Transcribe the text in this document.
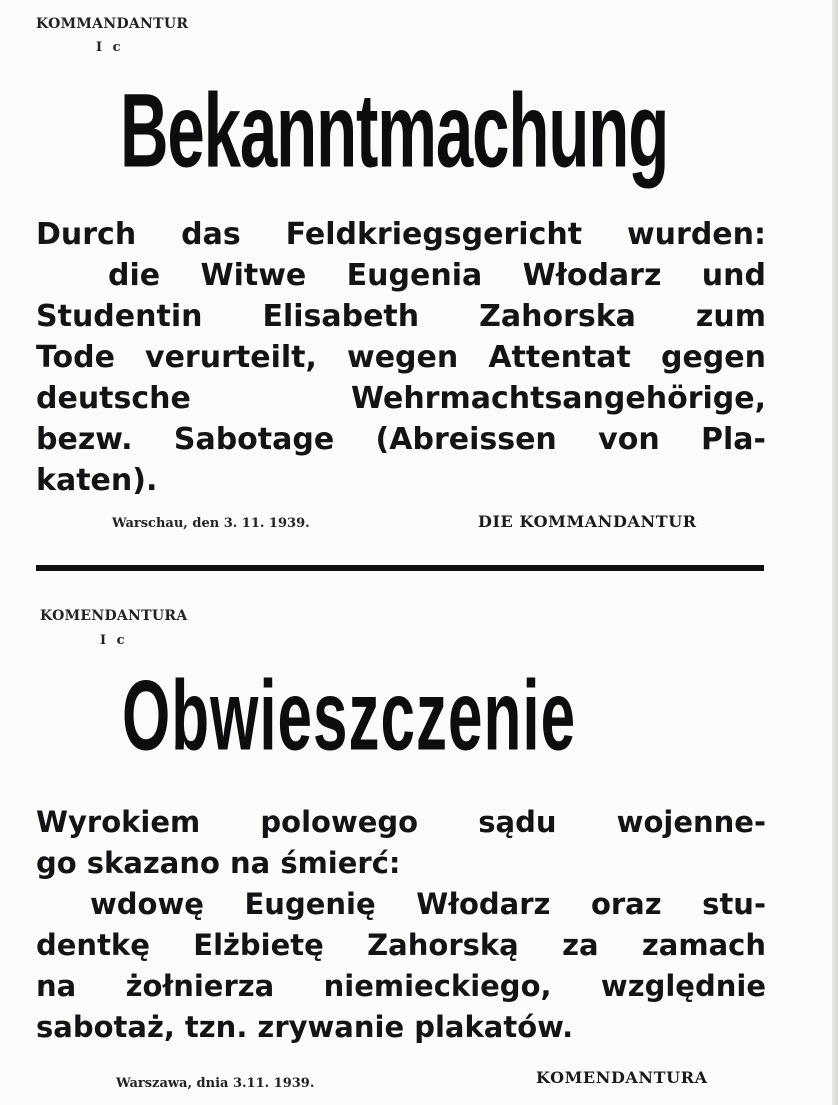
KOMMANDANTUR
I c
Bekanntmachung
Durch das Feldkriegsgericht wurden:
die Witwe Eugenia Włodarz und
Studentin Elisabeth Zahorska zum
Tode verurteilt, wegen Attentat gegen
deutsche Wehrmachtsangehörige,
bezw. Sabotage (Abreissen von Pla-
katen).
Warschau, den 3. 11. 1939.	DIE KOMMANDANTUR
KOMENDANTURA
I c
Obwieszczenie
Wyrokiem polowego sądu wojenne-
go skazano na śmierć:
wdowę Eugenię Włodarz oraz stu-
dentkę Elżbietę Zahorską za zamach
na żołnierza niemieckiego, względnie
sabotaż, tzn. zrywanie plakatów.
Warszawa, dnia 3.11. 1939.	KOMENDANTURA
